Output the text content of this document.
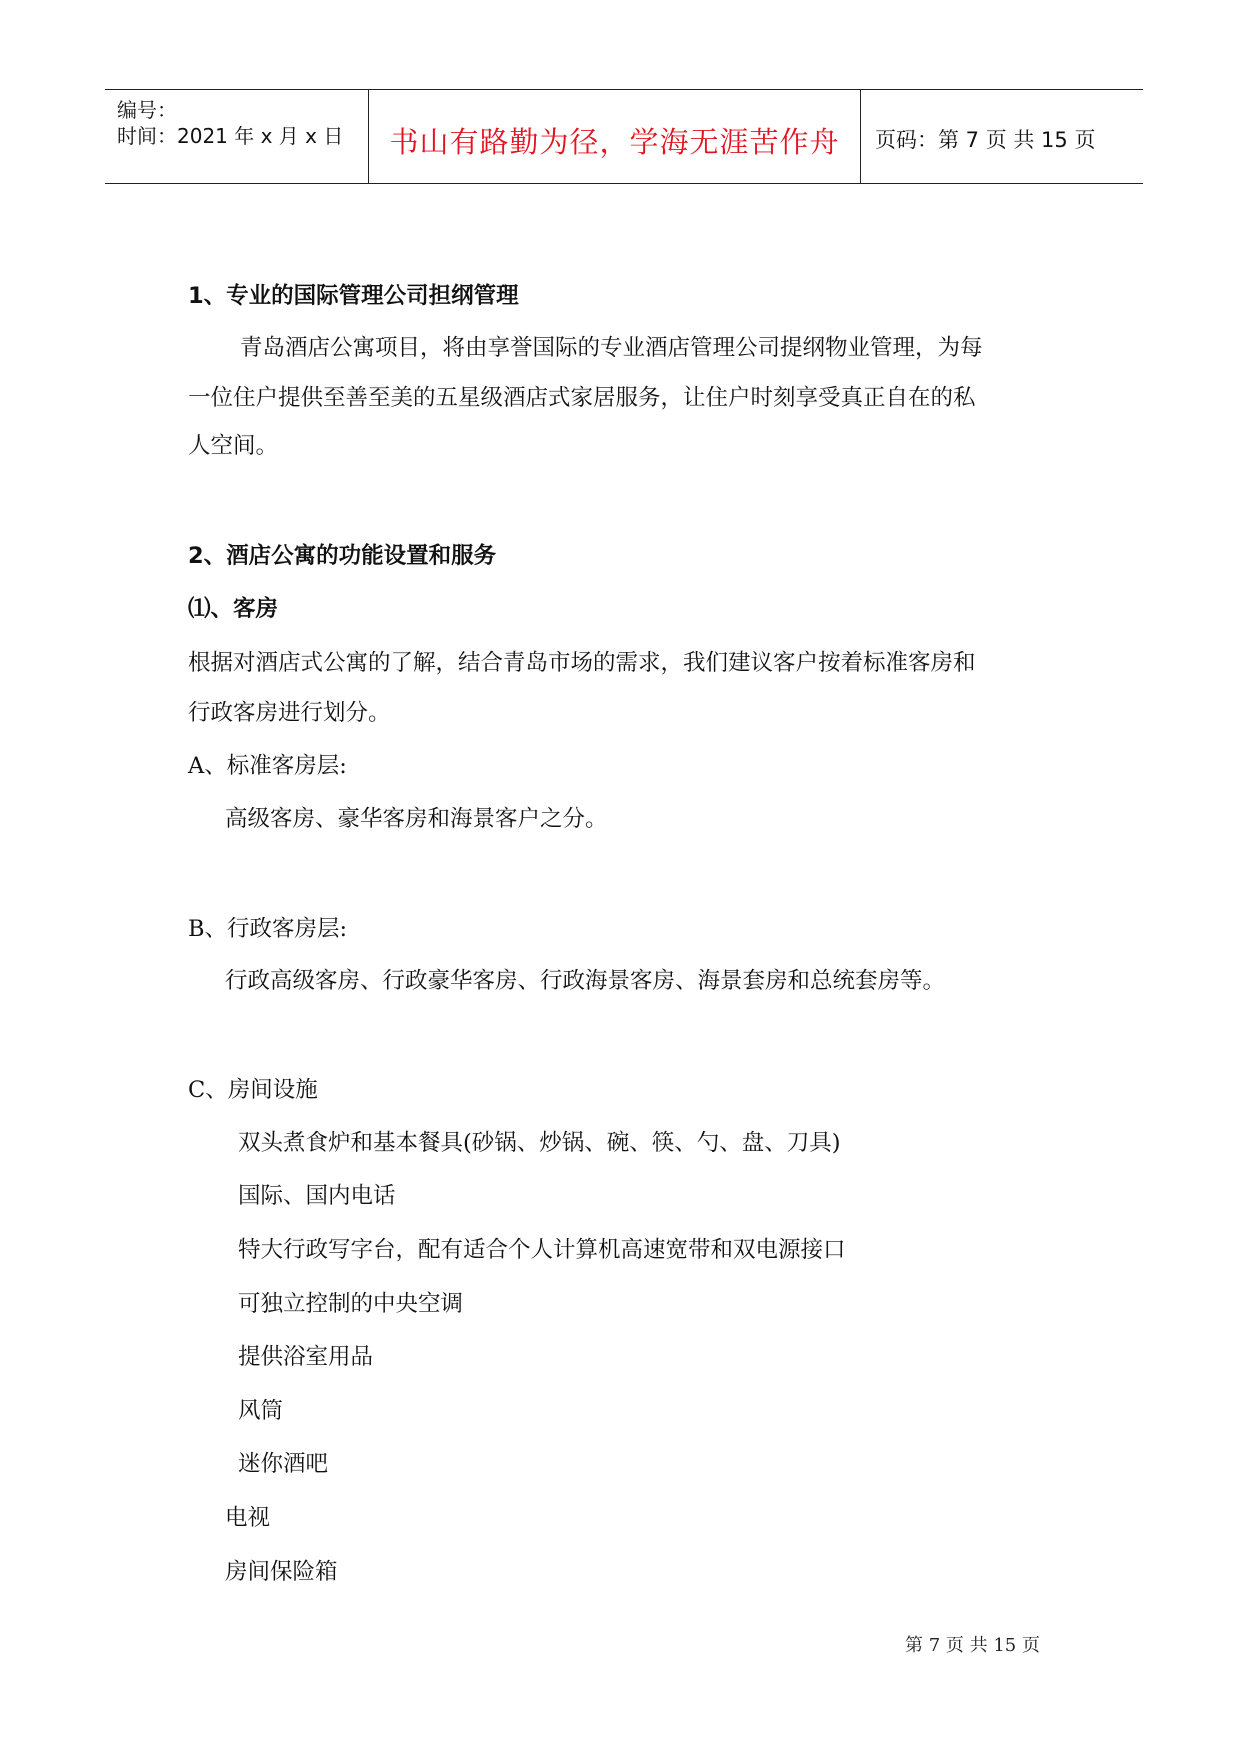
编号：
时间：2021 年 x 月 x 日	书山有路勤为径，学海无涯苦作舟	页码：第 7 页 共 15 页
1、专业的国际管理公司担纲管理
青岛酒店公寓项目，将由享誉国际的专业酒店管理公司提纲物业管理，为每
一位住户提供至善至美的五星级酒店式家居服务，让住户时刻享受真正自在的私
人空间。
2、酒店公寓的功能设置和服务
⑴、客房
根据对酒店式公寓的了解，结合青岛市场的需求，我们建议客户按着标准客房和
行政客房进行划分。
A、标准客房层:
高级客房、豪华客房和海景客户之分。
B、行政客房层:
行政高级客房、行政豪华客房、行政海景客房、海景套房和总统套房等。
C、房间设施
双头煮食炉和基本餐具(砂锅、炒锅、碗、筷、勺、盘、刀具)
国际、国内电话
特大行政写字台，配有适合个人计算机高速宽带和双电源接口
可独立控制的中央空调
提供浴室用品
风筒
迷你酒吧
电视
房间保险箱
第 7 页 共 15 页
